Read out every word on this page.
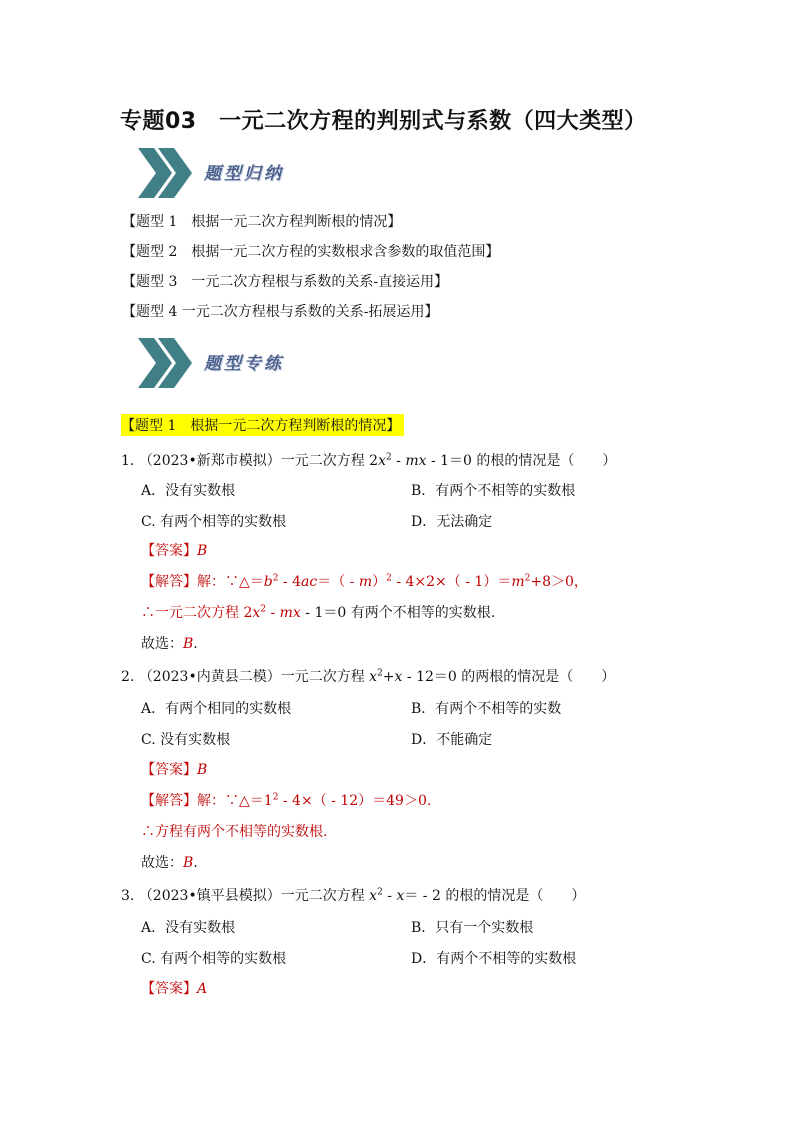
专题03　一元二次方程的判别式与系数（四大类型）
题型归纳
【题型 1　根据一元二次方程判断根的情况】
【题型 2　根据一元二次方程的实数根求含参数的取值范围】
【题型 3　一元二次方程根与系数的关系-直接运用】
【题型 4 一元二次方程根与系数的关系-拓展运用】
题型专练
【题型 1　根据一元二次方程判断根的情况】
1. （2023•新郑市模拟）一元二次方程 $2x^2$ - mx - 1＝0 的根的情况是（　　）
A．没有实数根	B．有两个不相等的实数根
C. 有两个相等的实数根	D．无法确定
【答案】B
【解答】解：$\because\triangle=b^2 - 4ac=( - m)^2 - 4\times 2\times( - 1)=m^2+8>0$，
∴一元二次方程 $2x^2$ - mx - 1＝0 有两个不相等的实数根.
故选：B.
2. （2023•内黄县二模）一元二次方程 $x^2+x - 12=0$ 的两根的情况是（　　）
A．有两个相同的实数根	B．有两个不相等的实数
C. 没有实数根	D．不能确定
【答案】B
【解答】解：$\because\triangle=1^2 - 4\times( - 12)=49>0$.
∴方程有两个不相等的实数根.
故选：B.
3. （2023•镇平县模拟）一元二次方程 $x^2 - x= - 2$ 的根的情况是（　　）
A．没有实数根	B．只有一个实数根
C. 有两个相等的实数根	D．有两个不相等的实数根
【答案】A
